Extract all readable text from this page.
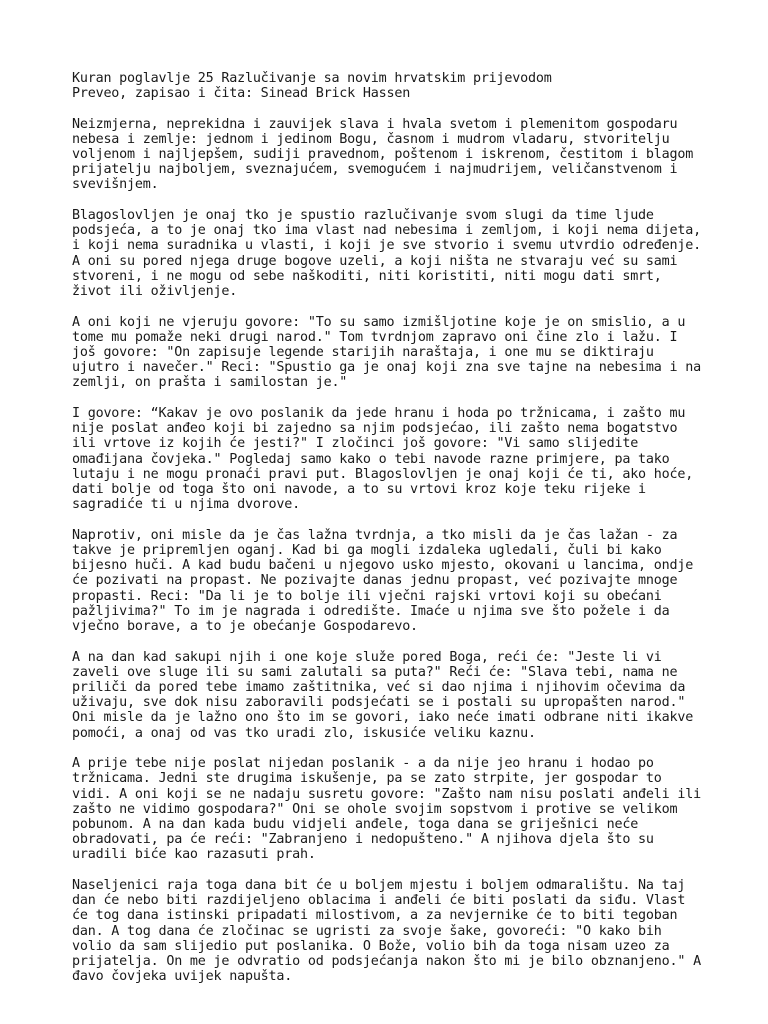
Kuran poglavlje 25 Razlučivanje sa novim hrvatskim prijevodom
Preveo, zapisao i čita: Sinead Brick Hassen

Neizmjerna, neprekidna i zauvijek slava i hvala svetom i plemenitom gospodaru nebesa i zemlje: jednom i jedinom Bogu, časnom i mudrom vladaru, stvoritelju voljenom i najljepšem, sudiji pravednom, poštenom i iskrenom, čestitom i blagom prijatelju najboljem, sveznajućem, svemogućem i najmudrijem, veličanstvenom i svevišnjem.

Blagoslovljen je onaj tko je spustio razlučivanje svom slugi da time ljude podsjeća, a to je onaj tko ima vlast nad nebesima i zemljom, i koji nema dijeta, i koji nema suradnika u vlasti, i koji je sve stvorio i svemu utvrdio određenje. A oni su pored njega druge bogove uzeli, a koji ništa ne stvaraju već su sami stvoreni, i ne mogu od sebe naškoditi, niti koristiti, niti mogu dati smrt, život ili oživljenje.

A oni koji ne vjeruju govore: "To su samo izmišljotine koje je on smislio, a u tome mu pomaže neki drugi narod." Tom tvrdnjom zapravo oni čine zlo i lažu. I još govore: "On zapisuje legende starijih naraštaja, i one mu se diktiraju ujutro i navečer." Reci: "Spustio ga je onaj koji zna sve tajne na nebesima i na zemlji, on prašta i samilostan je."

I govore: “Kakav je ovo poslanik da jede hranu i hoda po tržnicama, i zašto mu nije poslat anđeo koji bi zajedno sa njim podsjećao, ili zašto nema bogatstvo ili vrtove iz kojih će jesti?" I zločinci još govore: "Vi samo slijedite omađijana čovjeka." Pogledaj samo kako o tebi navode razne primjere, pa tako lutaju i ne mogu pronaći pravi put. Blagoslovljen je onaj koji će ti, ako hoće, dati bolje od toga što oni navode, a to su vrtovi kroz koje teku rijeke i sagradiće ti u njima dvorove.

Naprotiv, oni misle da je čas lažna tvrdnja, a tko misli da je čas lažan - za takve je pripremljen oganj. Kad bi ga mogli izdaleka ugledali, čuli bi kako bijesno huči. A kad budu bačeni u njegovo usko mjesto, okovani u lancima, ondje će pozivati na propast. Ne pozivajte danas jednu propast, već pozivajte mnoge propasti. Reci: "Da li je to bolje ili vječni rajski vrtovi koji su obećani pažljivima?" To im je nagrada i odredište. Imaće u njima sve što požele i da vječno borave, a to je obećanje Gospodarevo.

A na dan kad sakupi njih i one koje služe pored Boga, reći će: "Jeste li vi zaveli ove sluge ili su sami zalutali sa puta?" Reći će: "Slava tebi, nama ne priliči da pored tebe imamo zaštitnika, već si dao njima i njihovim očevima da uživaju, sve dok nisu zaboravili podsjećati se i postali su upropašten narod." Oni misle da je lažno ono što im se govori, iako neće imati odbrane niti ikakve pomoći, a onaj od vas tko uradi zlo, iskusiće veliku kaznu.

A prije tebe nije poslat nijedan poslanik - a da nije jeo hranu i hodao po tržnicama. Jedni ste drugima iskušenje, pa se zato strpite, jer gospodar to vidi. A oni koji se ne nadaju susretu govore: "Zašto nam nisu poslati anđeli ili zašto ne vidimo gospodara?" Oni se ohole svojim sopstvom i protive se velikom pobunom. A na dan kada budu vidjeli anđele, toga dana se griješnici neće obradovati, pa će reći: "Zabranjeno i nedopušteno." A njihova djela što su uradili biće kao razasuti prah.

Naseljenici raja toga dana bit će u boljem mjestu i boljem odmaralištu. Na taj dan će nebo biti razdijeljeno oblacima i anđeli će biti poslati da siđu. Vlast će tog dana istinski pripadati milostivom, a za nevjernike će to biti tegoban dan. A tog dana će zločinac se ugristi za svoje šake, govoreći: "O kako bih volio da sam slijedio put poslanika. O Bože, volio bih da toga nisam uzeo za prijatelja. On me je odvratio od podsjećanja nakon što mi je bilo obznanjeno." A đavo čovjeka uvijek napušta.
